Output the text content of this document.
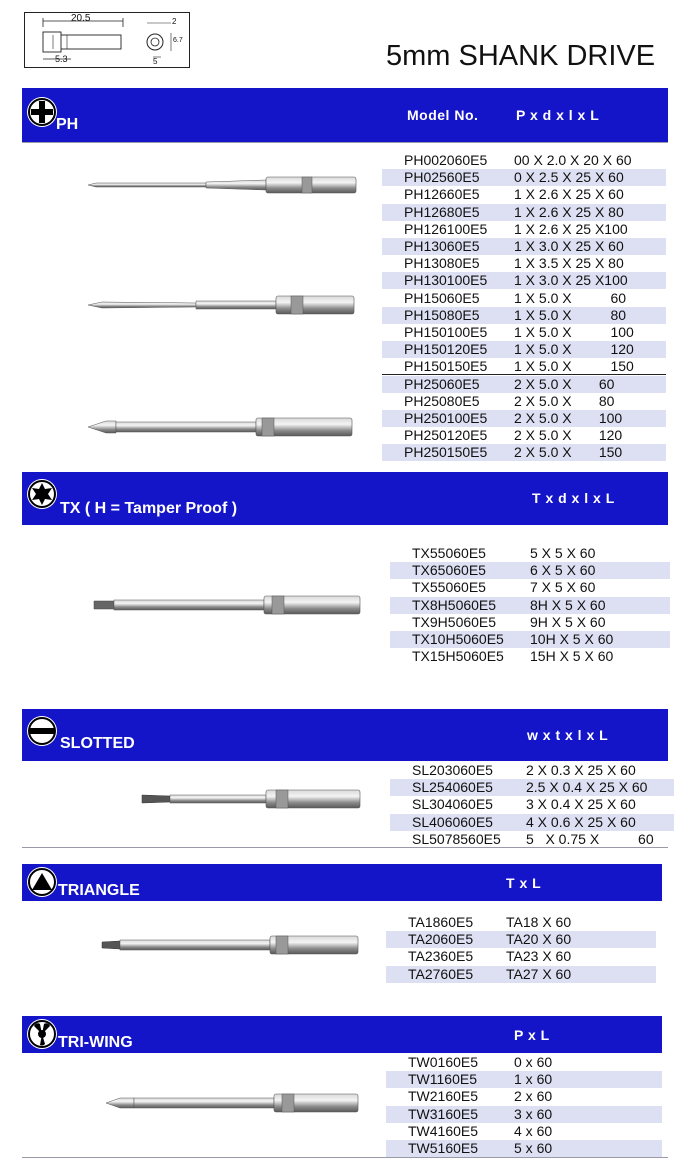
20.5
5.3
2
6.7
5	5mm SHANK DRIVE
PH
Model No.	P x d x l x L
PH002060E5 00 X 2.0 X 20 X 60
PH02560E5 0 X 2.5 X 25 X 60
PH12660E5 1 X 2.6 X 25 X 60
PH12680E5 1 X 2.6 X 25 X 80
PH126100E5 1 X 2.6 X 25 X100
PH13060E5 1 X 3.0 X 25 X 60
PH13080E5 1 X 3.5 X 25 X 80
PH130100E5 1 X 3.0 X 25 X100
PH15060E5 1 X 5.0 X          60
PH15080E5 1 X 5.0 X          80
PH150100E5 1 X 5.0 X          100
PH150120E5 1 X 5.0 X          120
PH150150E5 1 X 5.0 X          150
PH25060E5 2 X 5.0 X       60
PH25080E5 2 X 5.0 X       80
PH250100E5 2 X 5.0 X       100
PH250120E5 2 X 5.0 X       120
PH250150E5 2 X 5.0 X       150
TX ( H = Tamper Proof )
T x d x l x L
TX55060E5	5 X 5 X 60
TX65060E5	6 X 5 X 60
TX55060E5	7 X 5 X 60
TX8H5060E5 8H X 5 X 60
TX9H5060E5 9H X 5 X 60
TX10H5060E5 10H X 5 X 60
TX15H5060E5 15H X 5 X 60
SLOTTED	w x t x l x L
SL203060E5 2 X 0.3 X 25 X 60
SL254060E5 2.5 X 0.4 X 25 X 60
SL304060E5 3 X 0.4 X 25 X 60
SL406060E5 4 X 0.6 X 25 X 60
SL5078560E5 5   X 0.75 X          60
TRIANGLE	T x L
TA1860E5 TA18 X 60
TA2060E5 TA20 X 60
TA2360E5 TA23 X 60
TA2760E5 TA27 X 60
TRI-WING	P x L
TW0160E5	0 x 60
TW1160E5	1 x 60
TW2160E5	2 x 60
TW3160E5	3 x 60
TW4160E5	4 x 60
TW5160E5	5 x 60
